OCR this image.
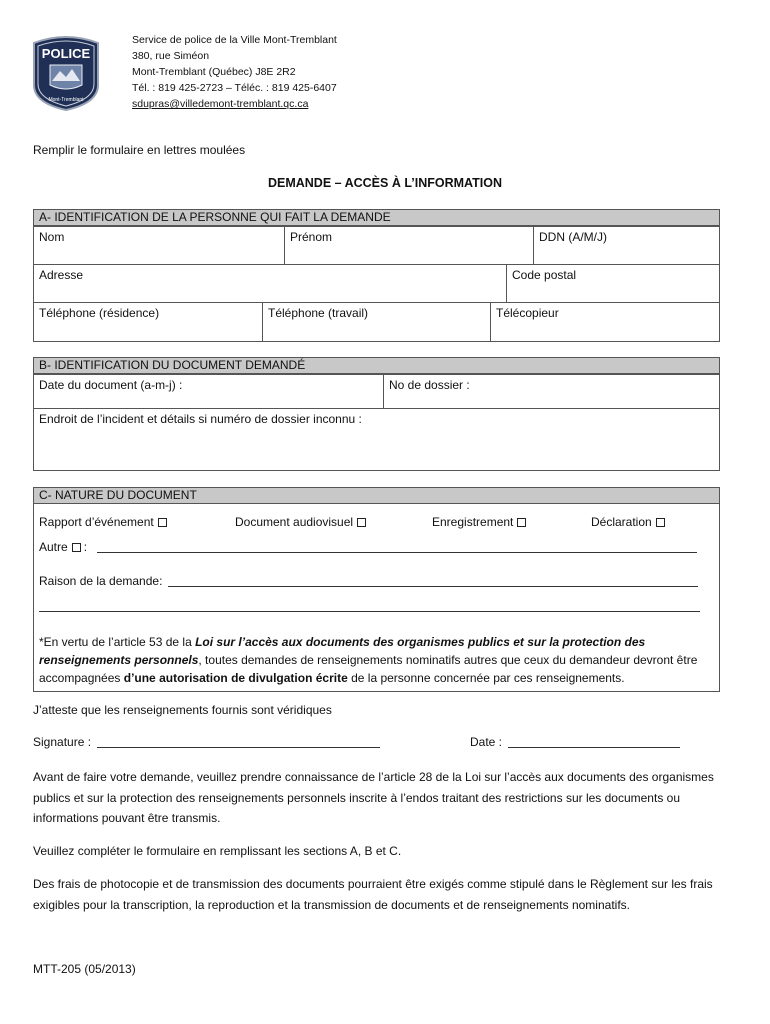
POLICE
Mont-Tremblant
Service de police de la Ville Mont-Tremblant
380, rue Siméon
Mont-Tremblant (Québec) J8E 2R2
Tél. : 819 425-2723 – Téléc. : 819 425-6407
sdupras@villedemont-tremblant.qc.ca
Remplir le formulaire en lettres moulées
DEMANDE – ACCÈS À L’INFORMATION
A- IDENTIFICATION DE LA PERSONNE QUI FAIT LA DEMANDE
Nom	Prénom	DDN (A/M/J)
Adresse	Code postal
Téléphone (résidence)	Téléphone (travail)	Télécopieur
B- IDENTIFICATION DU DOCUMENT DEMANDÉ
Date du document (a-m-j) :	No de dossier :
Endroit de l’incident et détails si numéro de dossier inconnu :
C- NATURE DU DOCUMENT
Rapport d’événement	Document audiovisuel	Enregistrement	Déclaration
Autre :
Raison de la demande:
*En vertu de l’article 53 de la Loi sur l’accès aux documents des organismes publics et sur la protection des renseignements personnels, toutes demandes de renseignements nominatifs autres que ceux du demandeur devront être accompagnées d’une autorisation de divulgation écrite de la personne concernée par ces renseignements.
J’atteste que les renseignements fournis sont véridiques
Signature :	Date :
Avant de faire votre demande, veuillez prendre connaissance de l’article 28 de la Loi sur l’accès aux documents des organismes publics et sur la protection des renseignements personnels inscrite à l’endos traitant des restrictions sur les documents ou informations pouvant être transmis.
Veuillez compléter le formulaire en remplissant les sections A, B et C.
Des frais de photocopie et de transmission des documents pourraient être exigés comme stipulé dans le Règlement sur les frais exigibles pour la transcription, la reproduction et la transmission de documents et de renseignements nominatifs.
MTT-205 (05/2013)
